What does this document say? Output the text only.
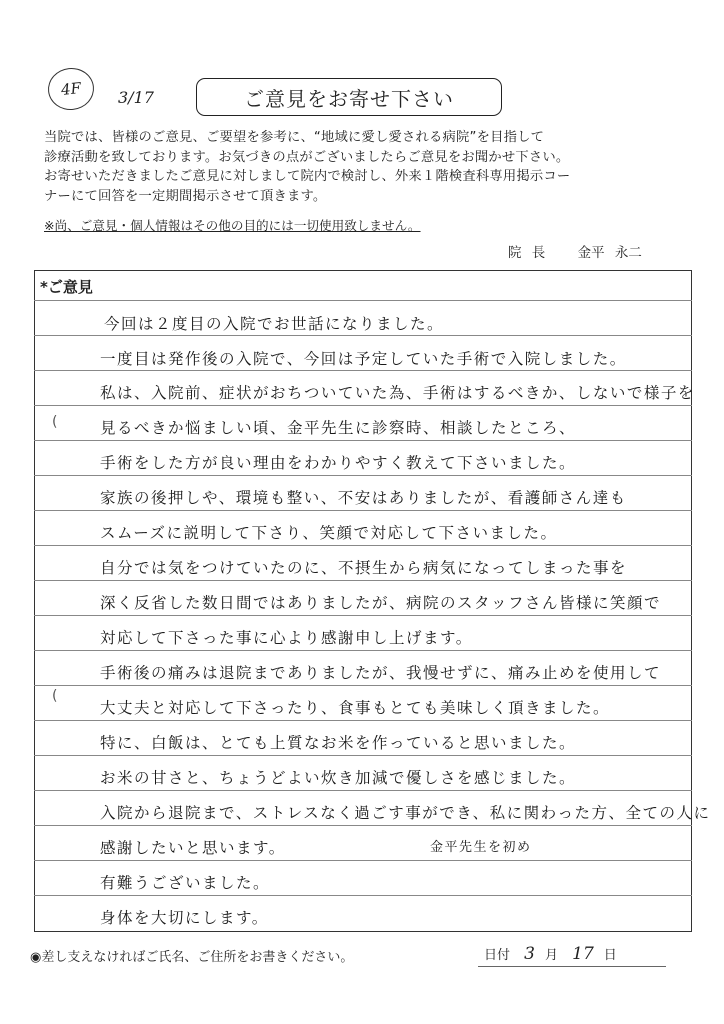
4F	3/17	ご意見をお寄せ下さい

当院では、皆様のご意見、ご要望を参考に、“地域に愛し愛される病院”を目指して

診療活動を致しております。お気づきの点がございましたらご意見をお聞かせ下さい。

お寄せいただきましたご意見に対しまして院内で検討し、外来１階検査科専用掲示コー

ナーにて回答を一定期間掲示させて頂きます。

※尚、ご意見・個人情報はその他の目的には一切使用致しません。
院 長 金平 永二
*ご意見
今回は２度目の入院でお世話になりました。
一度目は発作後の入院で、今回は予定していた手術で入院しました。
私は、入院前、症状がおちついていた為、手術はするべきか、しないで様子を
見るべきか悩ましい頃、金平先生に診察時、相談したところ、
手術をした方が良い理由をわかりやすく教えて下さいました。
家族の後押しや、環境も整い、不安はありましたが、看護師さん達も
スムーズに説明して下さり、笑顔で対応して下さいました。
自分では気をつけていたのに、不摂生から病気になってしまった事を
深く反省した数日間ではありましたが、病院のスタッフさん皆様に笑顔で
対応して下さった事に心より感謝申し上げます。
手術後の痛みは退院までありましたが、我慢せずに、痛み止めを使用して
大丈夫と対応して下さったり、食事もとても美味しく頂きました。
特に、白飯は、とても上質なお米を作っていると思いました。
お米の甘さと、ちょうどよい炊き加減で優しさを感じました。
入院から退院まで、ストレスなく過ごす事ができ、私に関わった方、全ての人に
感謝したいと思います。	金平先生を初め
有難うございました。
身体を大切にします。
(
(
◉差し支えなければご氏名、ご住所をお書きください。	日付 3 月 17 日
